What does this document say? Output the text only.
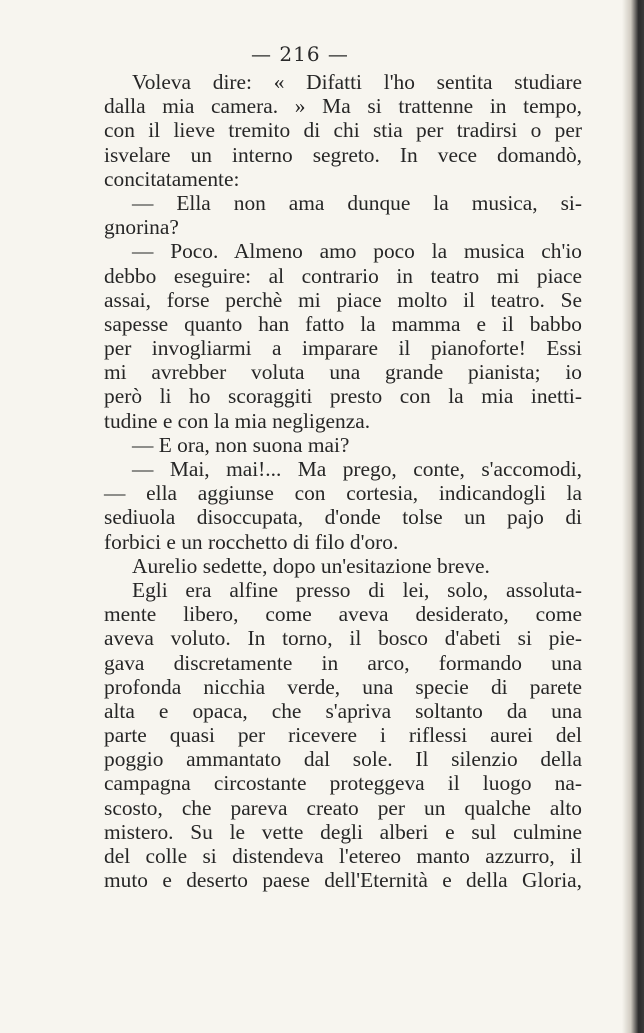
— 216 —
Voleva dire: « Difatti l'ho sentita studiare
dalla mia camera. » Ma si trattenne in tempo,
con il lieve tremito di chi stia per tradirsi o per
isvelare un interno segreto. In vece domandò,
concitatamente:
— Ella non ama dunque la musica, si-
gnorina?
— Poco. Almeno amo poco la musica ch'io
debbo eseguire: al contrario in teatro mi piace
assai, forse perchè mi piace molto il teatro. Se
sapesse quanto han fatto la mamma e il babbo
per invogliarmi a imparare il pianoforte! Essi
mi avrebber voluta una grande pianista; io
però li ho scoraggiti presto con la mia inetti-
tudine e con la mia negligenza.
— E ora, non suona mai?
— Mai, mai!... Ma prego, conte, s'accomodi,
— ella aggiunse con cortesia, indicandogli la
sediuola disoccupata, d'onde tolse un pajo di
forbici e un rocchetto di filo d'oro.
Aurelio sedette, dopo un'esitazione breve.
Egli era alfine presso di lei, solo, assoluta-
mente libero, come aveva desiderato, come
aveva voluto. In torno, il bosco d'abeti si pie-
gava discretamente in arco, formando una
profonda nicchia verde, una specie di parete
alta e opaca, che s'apriva soltanto da una
parte quasi per ricevere i riflessi aurei del
poggio ammantato dal sole. Il silenzio della
campagna circostante proteggeva il luogo na-
scosto, che pareva creato per un qualche alto
mistero. Su le vette degli alberi e sul culmine
del colle si distendeva l'etereo manto azzurro, il
muto e deserto paese dell'Eternità e della Gloria,
